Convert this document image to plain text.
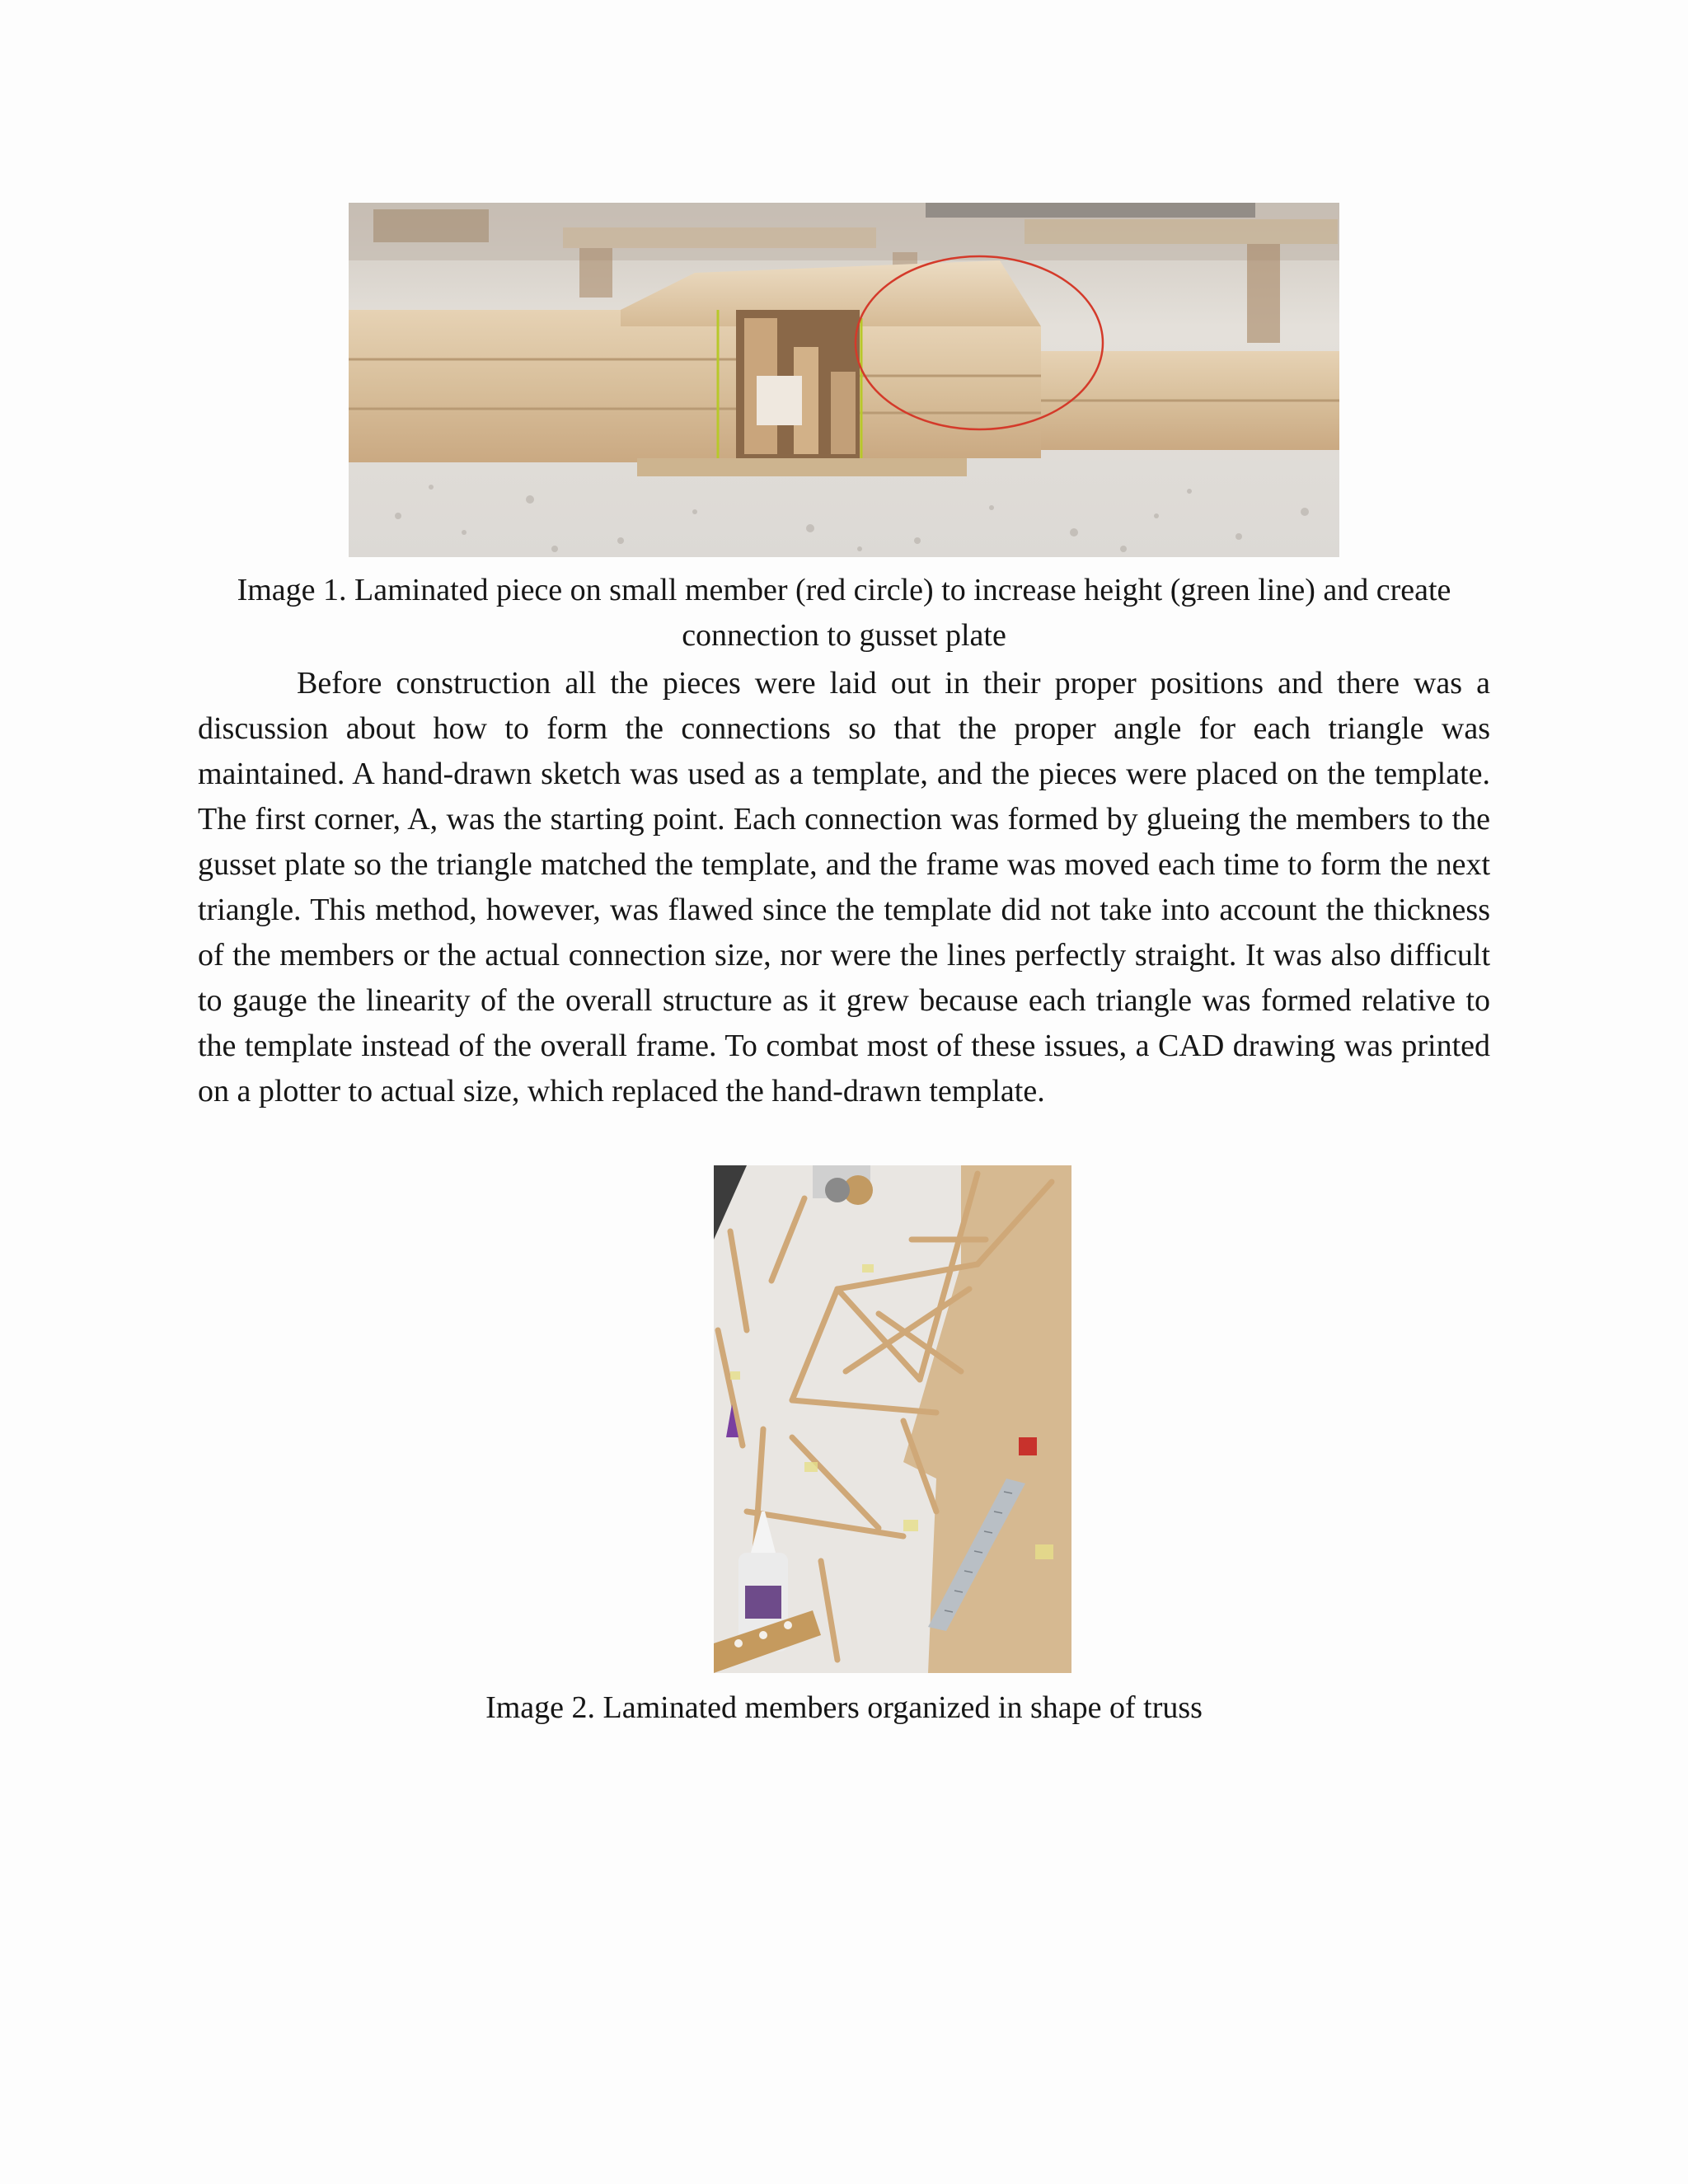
Image 1. Laminated piece on small member (red circle) to increase height (green line) and create connection to gusset plate

Before construction all the pieces were laid out in their proper positions and there was a discussion about how to form the connections so that the proper angle for each triangle was maintained. A hand-drawn sketch was used as a template, and the pieces were placed on the template. The first corner, A, was the starting point. Each connection was formed by glueing the members to the gusset plate so the triangle matched the template, and the frame was moved each time to form the next triangle. This method, however, was flawed since the template did not take into account the thickness of the members or the actual connection size, nor were the lines perfectly straight. It was also difficult to gauge the linearity of the overall structure as it grew because each triangle was formed relative to the template instead of the overall frame. To combat most of these issues, a CAD drawing was printed on a plotter to actual size, which replaced the hand-drawn template.

Image 2. Laminated members organized in shape of truss
